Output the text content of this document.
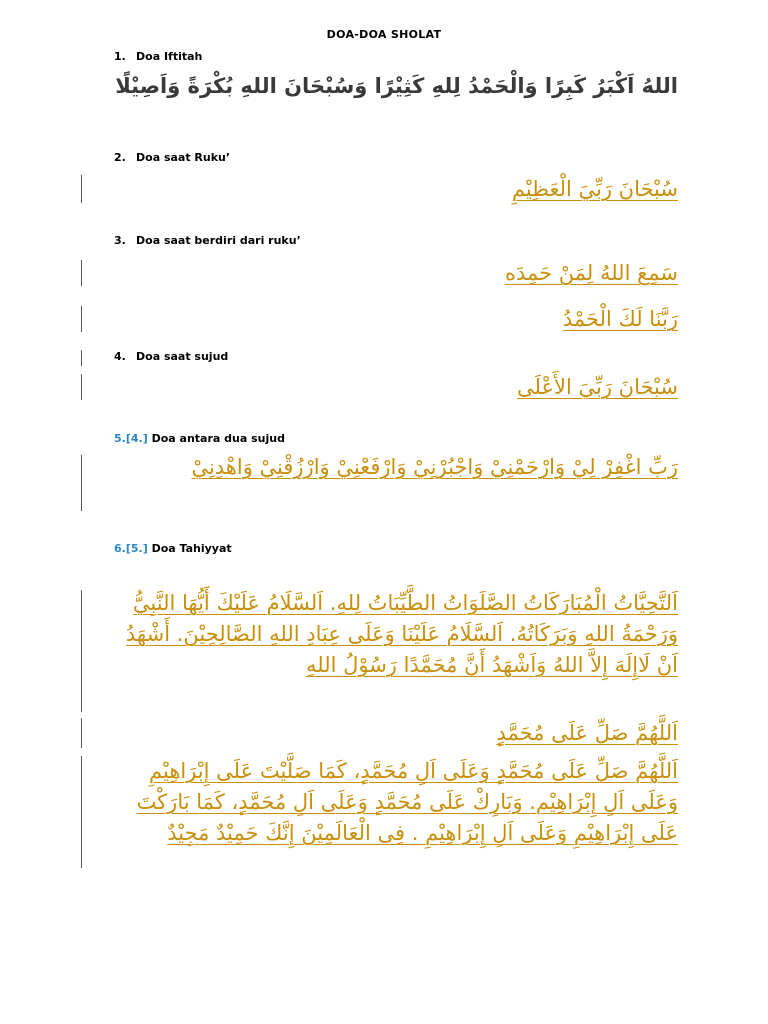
DOA-DOA SHOLAT
1. Doa Iftitah
اللهُ اَكْبَرُ كَبِرًا وَالْحَمْدُ لِلهِ كَثِيْرًا وَسُبْحَانَ اللهِ بُكْرَةً وَاَصِيْلًا
2. Doa saat Ruku’
سُبْحَانَ رَبِّيَ الْعَظِيْمِ
3. Doa saat berdiri dari ruku’
سَمِعَ اللهُ لِمَنْ حَمِدَه
رَبَّنَا لَكَ الْحَمْدُ
4. Doa saat sujud
سُبْحَانَ رَبِّيَ الأَعْلَى
5.[4.] Doa antara dua sujud
رَبِّ اغْفِرْ لِيْ وَارْحَمْنِيْ وَاجْبُرْنِيْ وَارْفَعْنِيْ وَارْزُقْنِيْ وَاهْدِنِيْ
6.[5.] Doa Tahiyyat
اَلتَّحِيَّاتُ الْمُبَارَكَاتُ الصَّلَوَاتُ الطَّيِّبَاتُ لِلهِ. اَلسَّلَامُ عَلَيْكَ أَيُّهَا النَّبِيُّ وَرَحْمَةُ اللهِ وَبَرَكَاتُهُ. اَلسَّلَامُ عَلَيْنَا وَعَلَى عِبَادِ اللهِ الصَّالِحِيْنَ. أَشْهَدُ اَنْ لَاإِلَهَ إِلاَّ اللهُ وَاَشْهَدُ أَنَّ مُحَمَّدًا رَسُوْلُ اللهِ
اَللَّهُمَّ صَلِّ عَلَى مُحَمَّدٍ
اَللَّهُمَّ صَلِّ عَلَى مُحَمَّدٍ وَعَلَى اَلِ مُحَمَّدٍ، كَمَا صَلَّيْتَ عَلَى إِبْرَاهِيْمِ وَعَلَى اَلِ إِبْرَاهِيْم. وَبَارِكْ عَلَى مُحَمَّدٍ وَعَلَى اَلِ مُحَمَّدٍ، كَمَا بَارَكْتَ عَلَى إِبْرَاهِيْمِ وَعَلَى اَلِ إِبْرَاهِيْمِ . فِى الْعَالَمِيْنَ إِنَّكَ حَمِيْدٌ مَجِيْدٌ
